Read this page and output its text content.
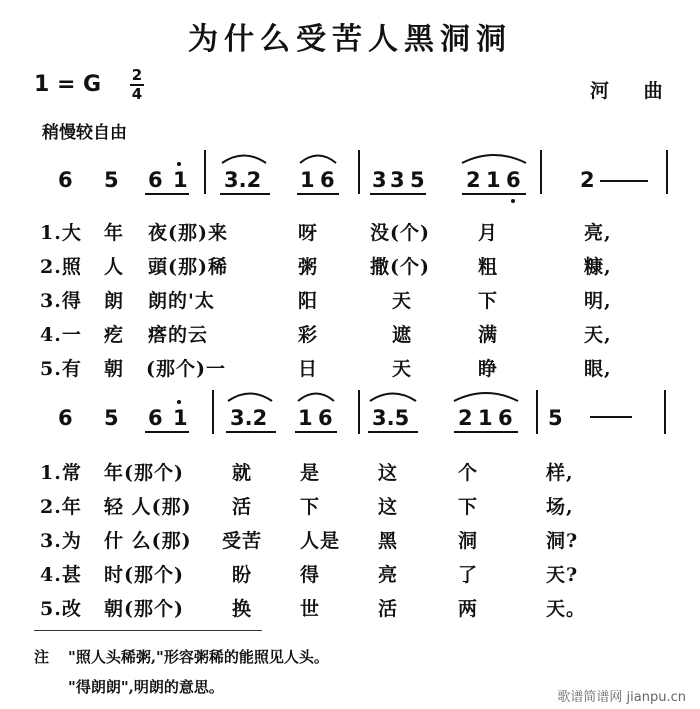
为什么受苦人黑洞洞
1 = G 2
4	河 曲
稍慢较自由
6 5 6 1 3.2 1 6 3 3 5 2 1 6	2
1.大 年 夜(那)来	呀	没(个)	月	亮,
2.照 人 頭(那)稀	粥	撒(个)	粗	糠,
3.得 朗 朗的'太	阳	天	下	明,
4.一 疙 瘩的云	彩	遮	满	天,
5.有 朝 (那个)一	日	天	睁	眼,
6 5 6 1 3.2 1 6 3.5 2 1 6 5
1.常 年(那个)	就	是	这	个	样,
2.年 轻 人(那) 活	下	这	下	场,
3.为 什 么(那) 受苦 人是 黑	洞	洞?
4.甚 时(那个)	盼	得	亮	了	天?
5.改 朝(那个)	换	世	活	两	天。
注 "照人头稀粥,"形容粥稀的能照见人头。
"得朗朗",明朗的意思。
歌谱简谱网 jianpu.cn
